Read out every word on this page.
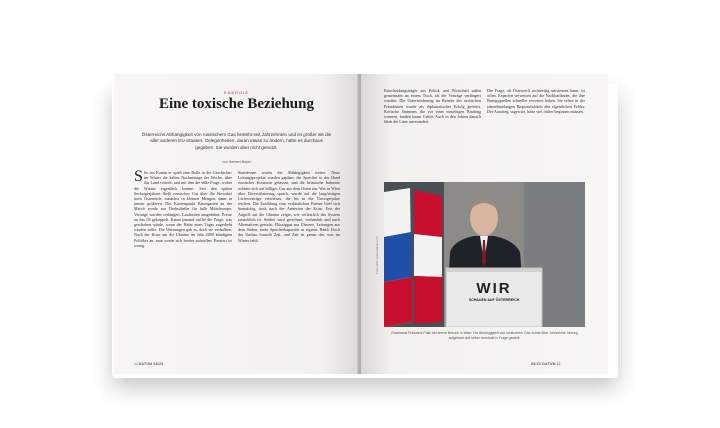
ENERGIE
Eine toxische Beziehung
Österreichs Abhängigkeit von russischem Gas besteht seit Jahrzehnten und ist größer als die aller anderen EU-Staaten. Gelegenheiten, daran etwas zu ändern, hätte es durchaus gegeben. Sie wurden aber nicht genutzt.
von Herbert Beyer
S So ein Kamin er spielt eine Rolle in der Geschichte: im Winter die kalten Nachmittage der Woche, über das Land verteilt, und mit ihm die stille Frage, woher die Wärme eigentlich kommt. Seit den späten Sechzigerjahren fließt russisches Gas über die Slowakei nach Österreich, zunächst in kleinen Mengen, dann in immer größeren. Der Knotenpunkt Baumgarten an der March wurde zur Drehscheibe für halb Mitteleuropa. Verträge wurden verlängert, Laufzeiten ausgedehnt, Preise an das Öl gekoppelt. Kaum jemand stellte die Frage, was geschehen würde, wenn der Hahn eines Tages zugedreht werden sollte. Die Warnungen gab es, doch sie verhallten. Nach der Krise um die Ukraine im Jahr 2009 kündigten Politiker an, man werde sich breiter aufstellen. Passiert ist wenig.
Stattdessen wuchs die Abhängigkeit weiter. Neue Leitungsprojekte wurden geplant, die Speicher in der Hand russischer Konzerne gelassen, und die heimische Industrie richtete sich auf billiges Gas aus dem Osten ein. Wer in Wien über Diversifizierung sprach, wurde auf die langfristigen Lieferverträge verwiesen, die bis in die Vierzigerjahre reichen. Die Erzählung vom verlässlichen Partner hielt sich hartnäckig, auch nach der Annexion der Krim. Erst der Angriff auf die Ukraine zeigte, wie verletzlich das System tatsächlich ist. Seither wird gerechnet, verhandelt und nach Alternativen gesucht: Flüssiggas aus Übersee, Leitungen aus dem Süden, mehr Speicherkapazität in eigener Hand. Doch der Umbau braucht Zeit, und Zeit ist genau das, was im Winter fehlt.
14 DATUM 05/23
Entscheidungsträger aus Politik und Wirtschaft saßen gemeinsam an einem Tisch, als die Verträge verlängert wurden. Die Unterzeichnung im Beisein des russischen Präsidenten wurde als diplomatischer Erfolg gefeiert. Kritische Stimmen, die vor einer einseitigen Bindung warnten, fanden kaum Gehör. Auch in den Jahren danach blieb die Linie unverändert.
Die Frage, ob Österreich rechtzeitig umsteuern kann, ist offen. Experten verweisen auf die Nachbarländer, die ihre Bezugsquellen schneller erweitert haben. Sie sehen in der jahrzehntelangen Bequemlichkeit den eigentlichen Fehler. Der Ausstieg, sagen sie, hätte viel früher beginnen müssen.
WIR
SCHAUEN AUF ÖSTERREICH
Foto: APA / picturedesk.com
Russlands Präsident Putin bei einem Besuch in Wien: Die Abhängigkeit von russischem Gas wurde über Jahrzehnte hinweg aufgebaut und selten ernsthaft in Frage gestellt.
05/23 DATUM 15
